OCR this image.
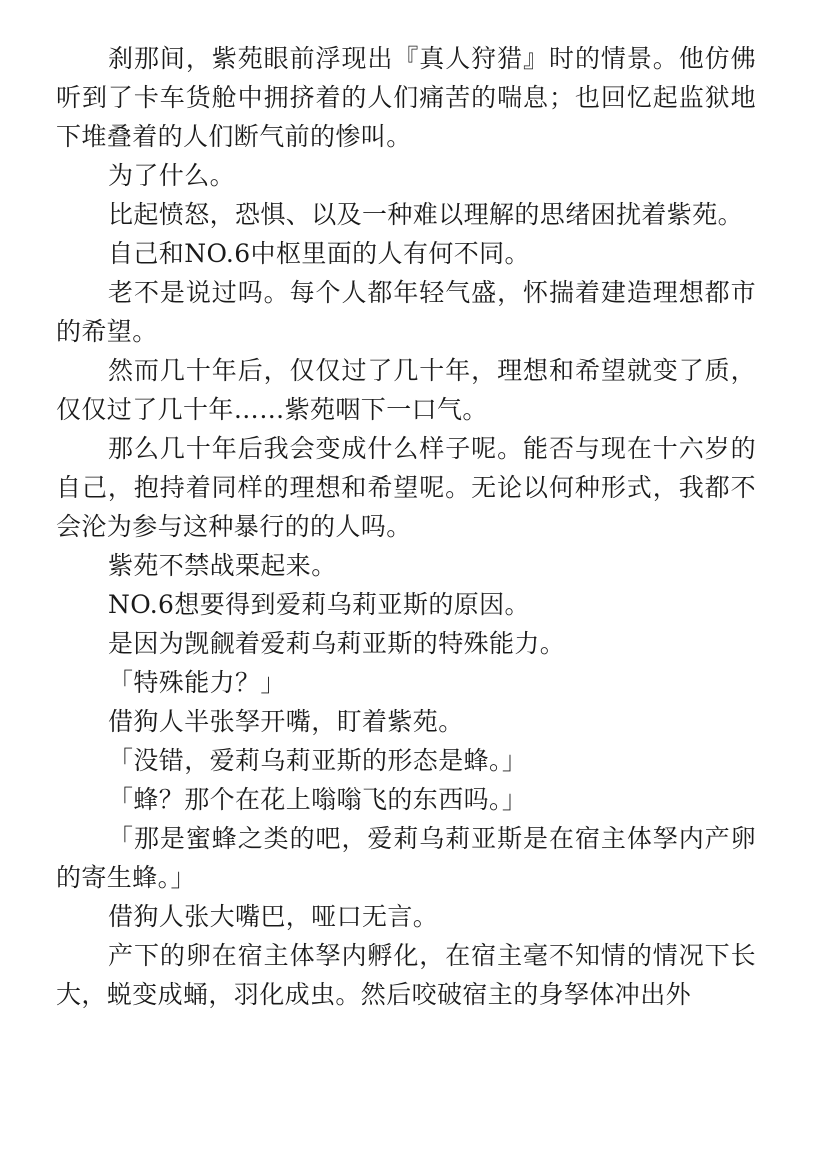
刹那间，紫苑眼前浮现出『真人狩猎』时的情景。他仿佛听到了卡车货舱中拥挤着的人们痛苦的喘息；也回忆起监狱地下堆叠着的人们断气前的惨叫。

为了什么。

比起愤怒，恐惧、以及一种难以理解的思绪困扰着紫苑。

自己和NO.6中枢里面的人有何不同。

老不是说过吗。每个人都年轻气盛，怀揣着建造理想都市的希望。

然而几十年后，仅仅过了几十年，理想和希望就变了质，仅仅过了几十年……紫苑咽下一口气。

那么几十年后我会变成什么样子呢。能否与现在十六岁的自己，抱持着同样的理想和希望呢。无论以何种形式，我都不会沦为参与这种暴行的的人吗。

紫苑不禁战栗起来。

NO.6想要得到爱莉乌莉亚斯的原因。

是因为觊觎着爱莉乌莉亚斯的特殊能力。

「特殊能力？」

借狗人半张孥开嘴，盯着紫苑。

「没错，爱莉乌莉亚斯的形态是蜂。」

「蜂？那个在花上嗡嗡飞的东西吗。」

「那是蜜蜂之类的吧，爱莉乌莉亚斯是在宿主体孥内产卵的寄生蜂。」

借狗人张大嘴巴，哑口无言。

产下的卵在宿主体孥内孵化，在宿主毫不知情的情况下长大，蜕变成蛹，羽化成虫。然后咬破宿主的身孥体冲出外
